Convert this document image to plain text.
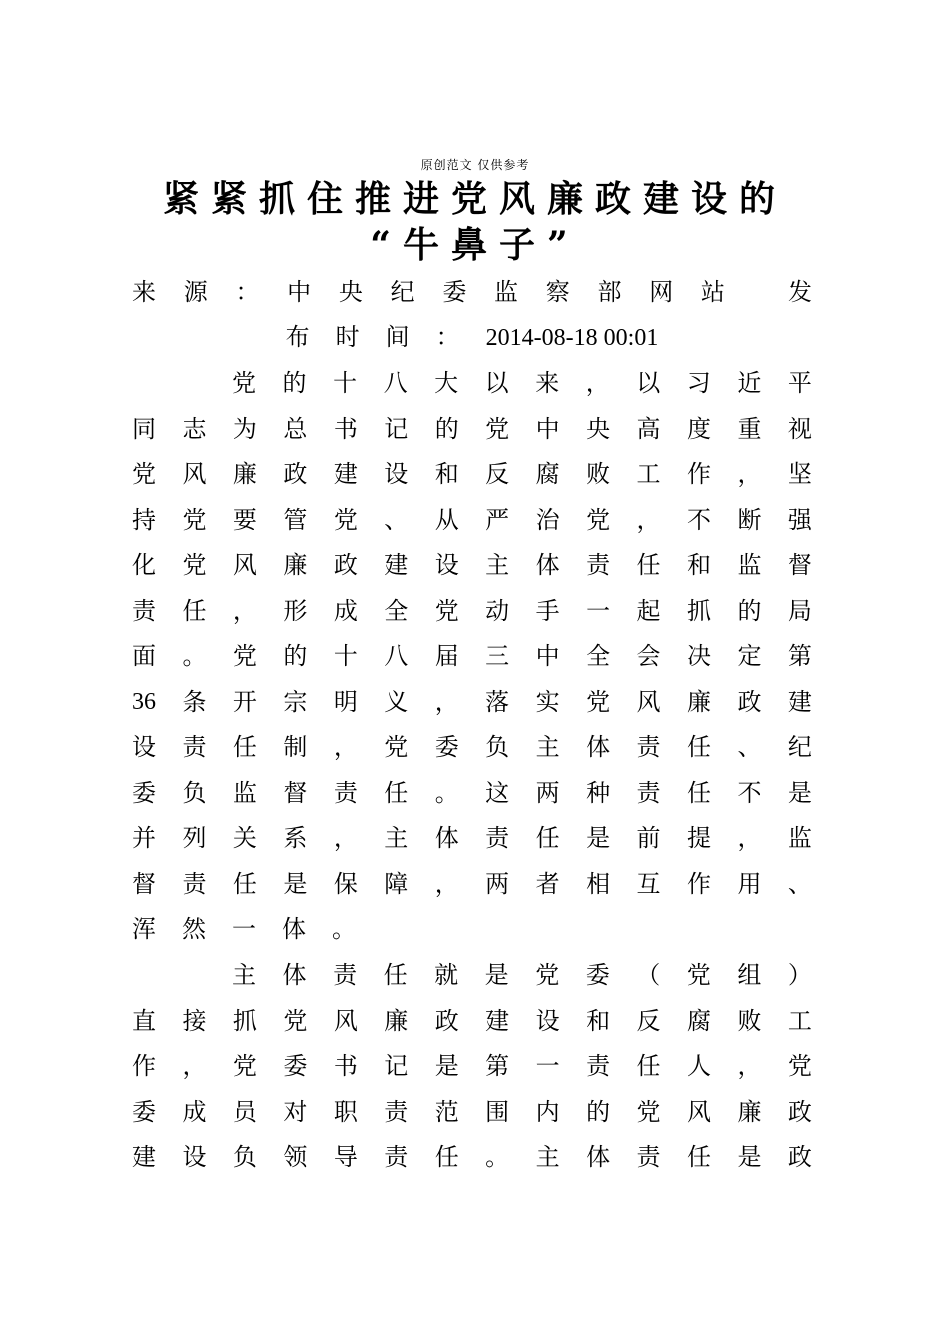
原创范文 仅供参考
紧紧抓住推进党风廉政建设的
“牛鼻子”
来 源 ： 中 央 纪 委 监 察 部 网 站
	发
布时间：2014-08-18 00:01
党 的 十 八 大 以 来 ， 以 习 近 平
同 志 为 总 书 记 的 党 中 央 高 度 重 视
党 风 廉 政 建 设 和 反 腐 败 工 作 ， 坚
持 党 要 管 党 、 从 严 治 党 ， 不 断 强
化 党 风 廉 政 建 设 主 体 责 任 和 监 督
责 任 ， 形 成 全 党 动 手 一 起 抓 的 局
面 。 党 的 十 八 届 三 中 全 会 决 定 第
36 条 开 宗 明 义 ， 落 实 党 风 廉 政 建
设 责 任 制 ， 党 委 负 主 体 责 任 、 纪
委 负 监 督 责 任 。 这 两 种 责 任 不 是
并 列 关 系 ， 主 体 责 任 是 前 提 ， 监
督 责 任 是 保 障 ， 两 者 相 互 作 用 、
浑 然 一 体 。
主 体 责 任 就 是 党 委 （ 党 组 ）
直 接 抓 党 风 廉 政 建 设 和 反 腐 败 工
作 ， 党 委 书 记 是 第 一 责 任 人 ， 党
委 成 员 对 职 责 范 围 内 的 党 风 廉 政
建 设 负 领 导 责 任 。 主 体 责 任 是 政
